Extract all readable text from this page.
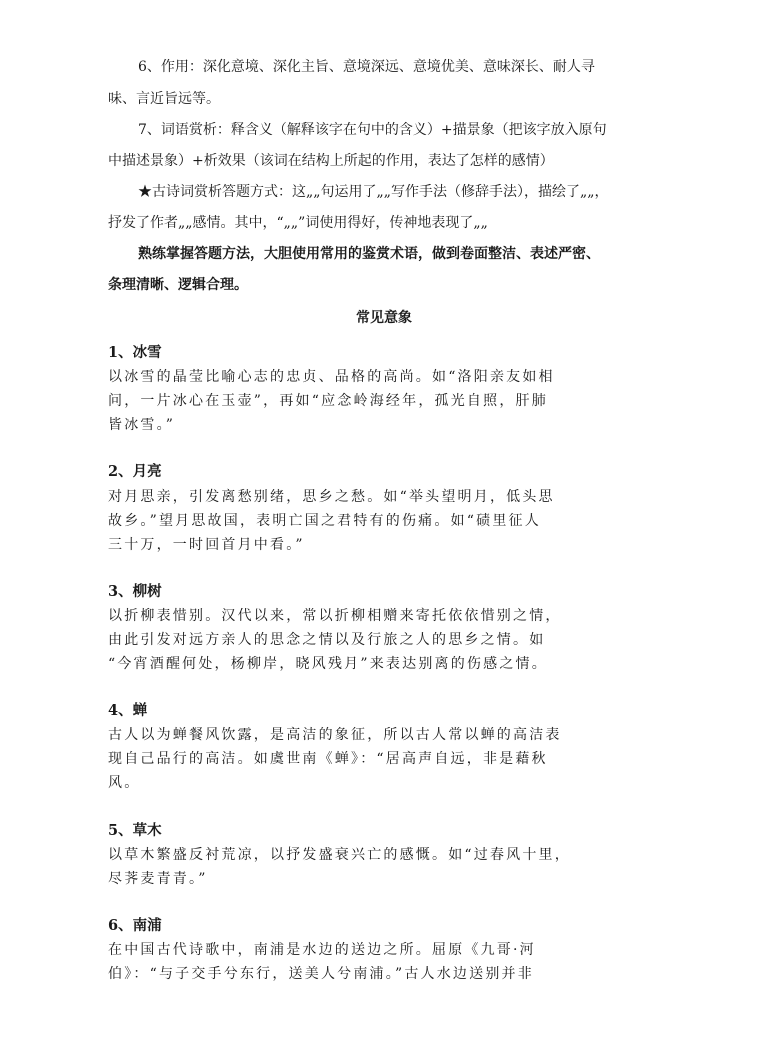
6、作用：深化意境、深化主旨、意境深远、意境优美、意味深长、耐人寻
味、言近旨远等。
7、词语赏析：释含义（解释该字在句中的含义）+描景象（把该字放入原句
中描述景象）+析效果（该词在结构上所起的作用，表达了怎样的感情）
★古诗词赏析答题方式：这„„句运用了„„写作手法（修辞手法），描绘了„„，
抒发了作者„„感情。其中，“„„”词使用得好，传神地表现了„„
熟练掌握答题方法，大胆使用常用的鉴赏术语，做到卷面整洁、表述严密、
条理清晰、逻辑合理。
常见意象
1、冰雪
以冰雪的晶莹比喻心志的忠贞、品格的高尚。如“洛阳亲友如相
问，一片冰心在玉壶”，再如“应念岭海经年，孤光自照，肝肺
皆冰雪。”
2、月亮
对月思亲，引发离愁别绪，思乡之愁。如“举头望明月，低头思
故乡。”望月思故国，表明亡国之君特有的伤痛。如“碛里征人
三十万，一时回首月中看。”
3、柳树
以折柳表惜别。汉代以来，常以折柳相赠来寄托依依惜别之情，
由此引发对远方亲人的思念之情以及行旅之人的思乡之情。如
“今宵酒醒何处，杨柳岸，晓风残月”来表达别离的伤感之情。
4、蝉
古人以为蝉餐风饮露，是高洁的象征，所以古人常以蝉的高洁表
现自己品行的高洁。如虞世南《蝉》：“居高声自远，非是藉秋
风。
5、草木
以草木繁盛反衬荒凉，以抒发盛衰兴亡的感慨。如“过春风十里，
尽荠麦青青。”
6、南浦
在中国古代诗歌中，南浦是水边的送边之所。屈原《九哥·河
伯》：“与子交手兮东行，送美人兮南浦。”古人水边送别并非
